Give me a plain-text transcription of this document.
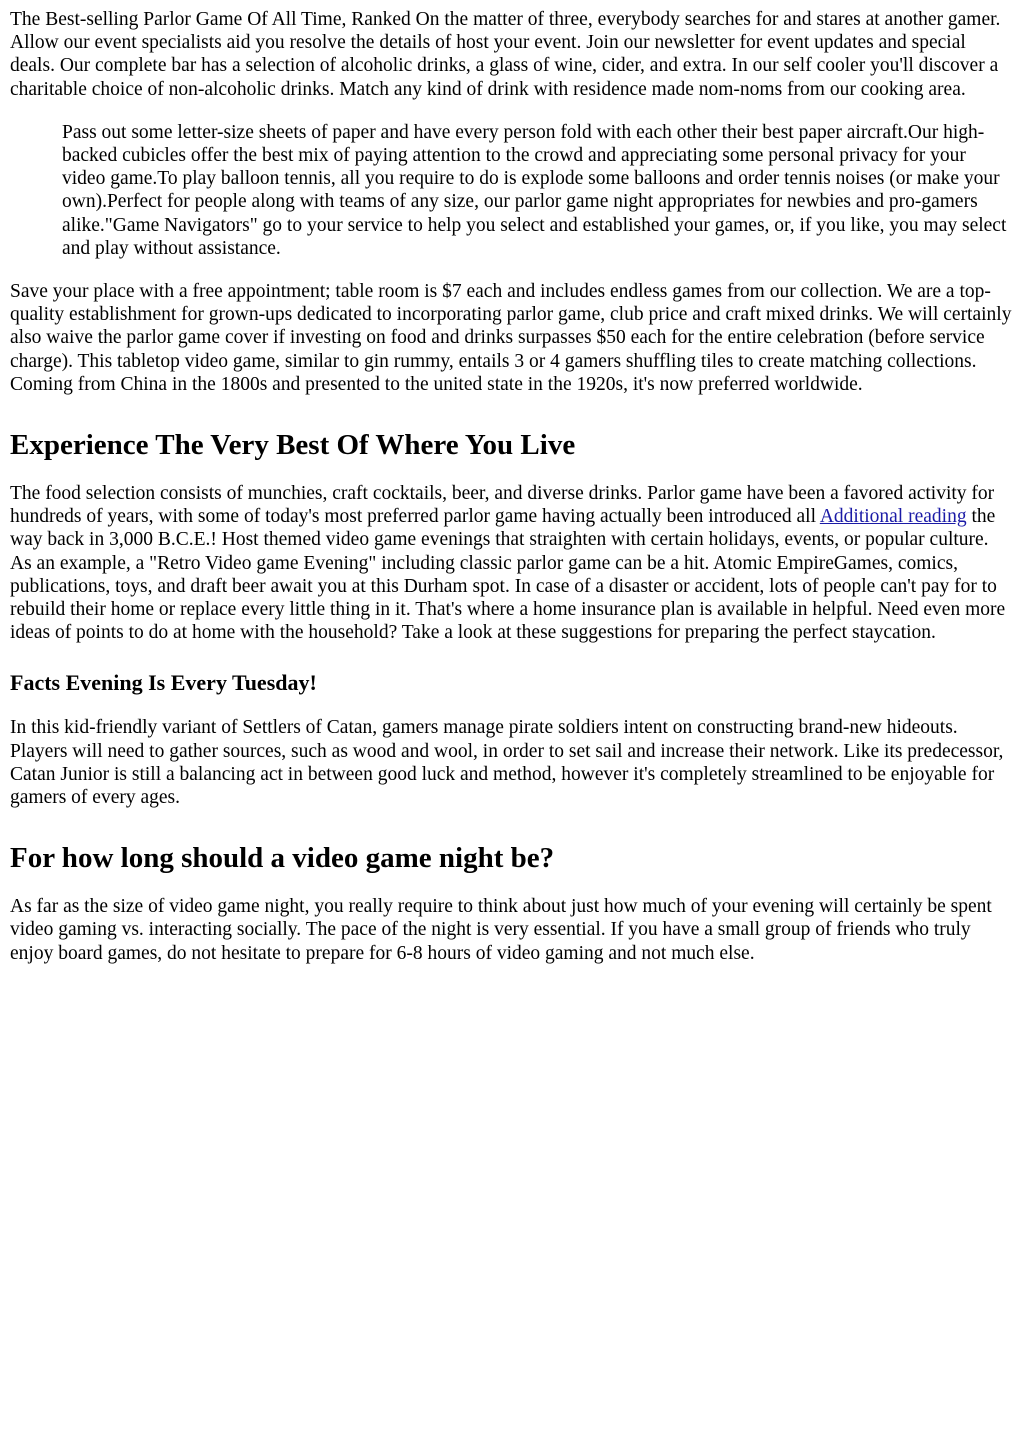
The Best-selling Parlor Game Of All Time, Ranked On the matter of three, everybody searches for and stares at another gamer. Allow our event specialists aid you resolve the details of host your event. Join our newsletter for event updates and special deals. Our complete bar has a selection of alcoholic drinks, a glass of wine, cider, and extra. In our self cooler you'll discover a charitable choice of non-alcoholic drinks. Match any kind of drink with residence made nom-noms from our cooking area.

Pass out some letter-size sheets of paper and have every person fold with each other their best paper aircraft.Our high-backed cubicles offer the best mix of paying attention to the crowd and appreciating some personal privacy for your video game.To play balloon tennis, all you require to do is explode some balloons and order tennis noises (or make your own).Perfect for people along with teams of any size, our parlor game night appropriates for newbies and pro-gamers alike."Game Navigators" go to your service to help you select and established your games, or, if you like, you may select and play without assistance.

Save your place with a free appointment; table room is $7 each and includes endless games from our collection. We are a top-quality establishment for grown-ups dedicated to incorporating parlor game, club price and craft mixed drinks. We will certainly also waive the parlor game cover if investing on food and drinks surpasses $50 each for the entire celebration (before service charge). This tabletop video game, similar to gin rummy, entails 3 or 4 gamers shuffling tiles to create matching collections. Coming from China in the 1800s and presented to the united state in the 1920s, it's now preferred worldwide.

Experience The Very Best Of Where You Live

The food selection consists of munchies, craft cocktails, beer, and diverse drinks. Parlor game have been a favored activity for hundreds of years, with some of today's most preferred parlor game having actually been introduced all Additional reading the way back in 3,000 B.C.E.! Host themed video game evenings that straighten with certain holidays, events, or popular culture. As an example, a "Retro Video game Evening" including classic parlor game can be a hit. Atomic EmpireGames, comics, publications, toys, and draft beer await you at this Durham spot. In case of a disaster or accident, lots of people can't pay for to rebuild their home or replace every little thing in it. That's where a home insurance plan is available in helpful. Need even more ideas of points to do at home with the household? Take a look at these suggestions for preparing the perfect staycation.

Facts Evening Is Every Tuesday!

In this kid-friendly variant of Settlers of Catan, gamers manage pirate soldiers intent on constructing brand-new hideouts. Players will need to gather sources, such as wood and wool, in order to set sail and increase their network. Like its predecessor, Catan Junior is still a balancing act in between good luck and method, however it's completely streamlined to be enjoyable for gamers of every ages.

For how long should a video game night be?

As far as the size of video game night, you really require to think about just how much of your evening will certainly be spent video gaming vs. interacting socially. The pace of the night is very essential. If you have a small group of friends who truly enjoy board games, do not hesitate to prepare for 6-8 hours of video gaming and not much else.
